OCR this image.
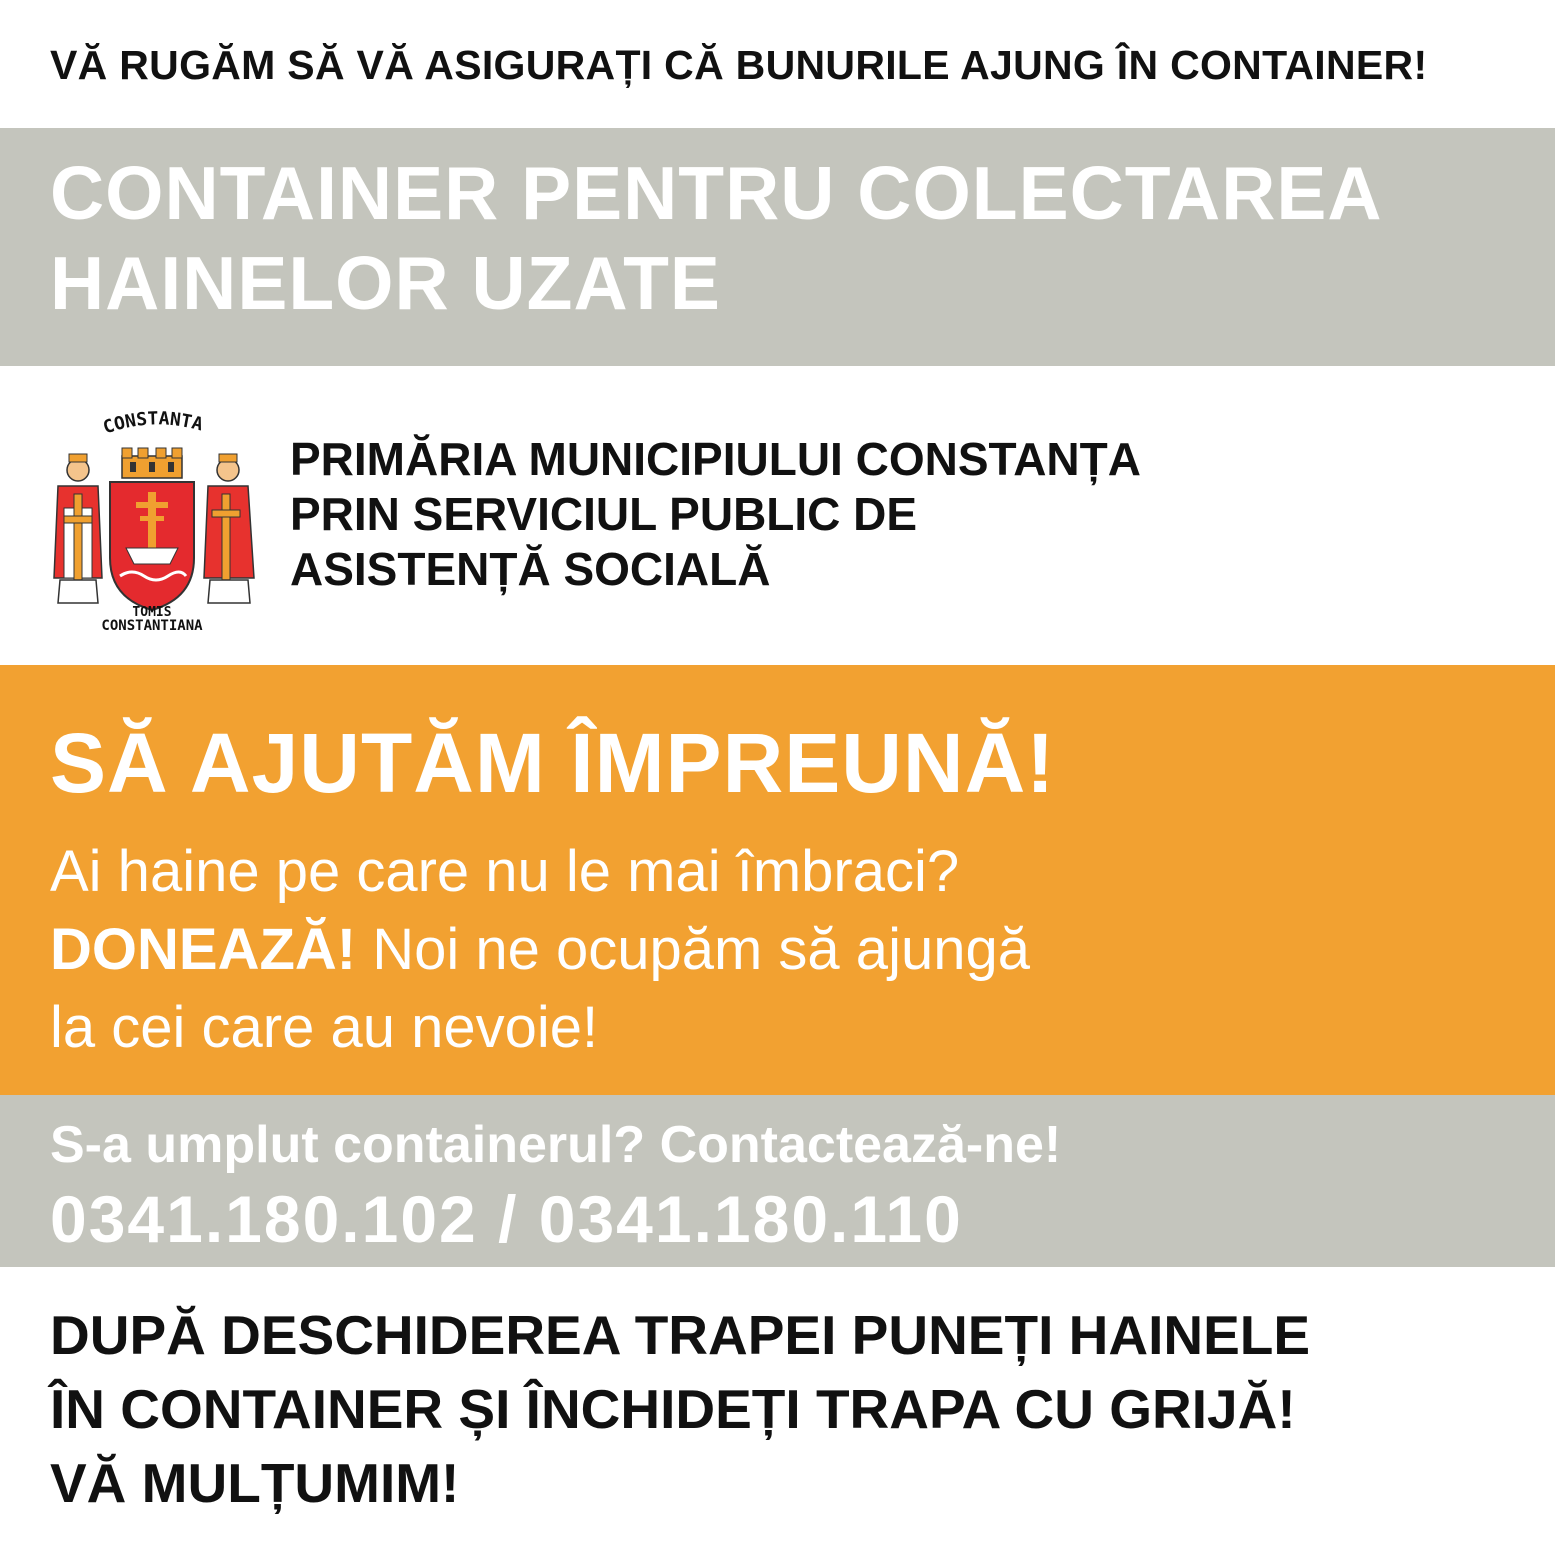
VĂ RUGĂM SĂ VĂ ASIGURAȚI CĂ BUNURILE AJUNG ÎN CONTAINER!
CONTAINER PENTRU COLECTAREA
HAINELOR UZATE
CONSTANTA
TOMIS
CONSTANTIANA
PRIMĂRIA MUNICIPIULUI CONSTANȚA
PRIN SERVICIUL PUBLIC DE
ASISTENȚĂ SOCIALĂ
SĂ AJUTĂM ÎMPREUNĂ!
Ai haine pe care nu le mai îmbraci?
DONEAZĂ! Noi ne ocupăm să ajungă
la cei care au nevoie!
S-a umplut containerul? Contactează-ne!
0341.180.102 / 0341.180.110
DUPĂ DESCHIDEREA TRAPEI PUNEȚI HAINELE
ÎN CONTAINER ȘI ÎNCHIDEȚI TRAPA CU GRIJĂ!
VĂ MULȚUMIM!
